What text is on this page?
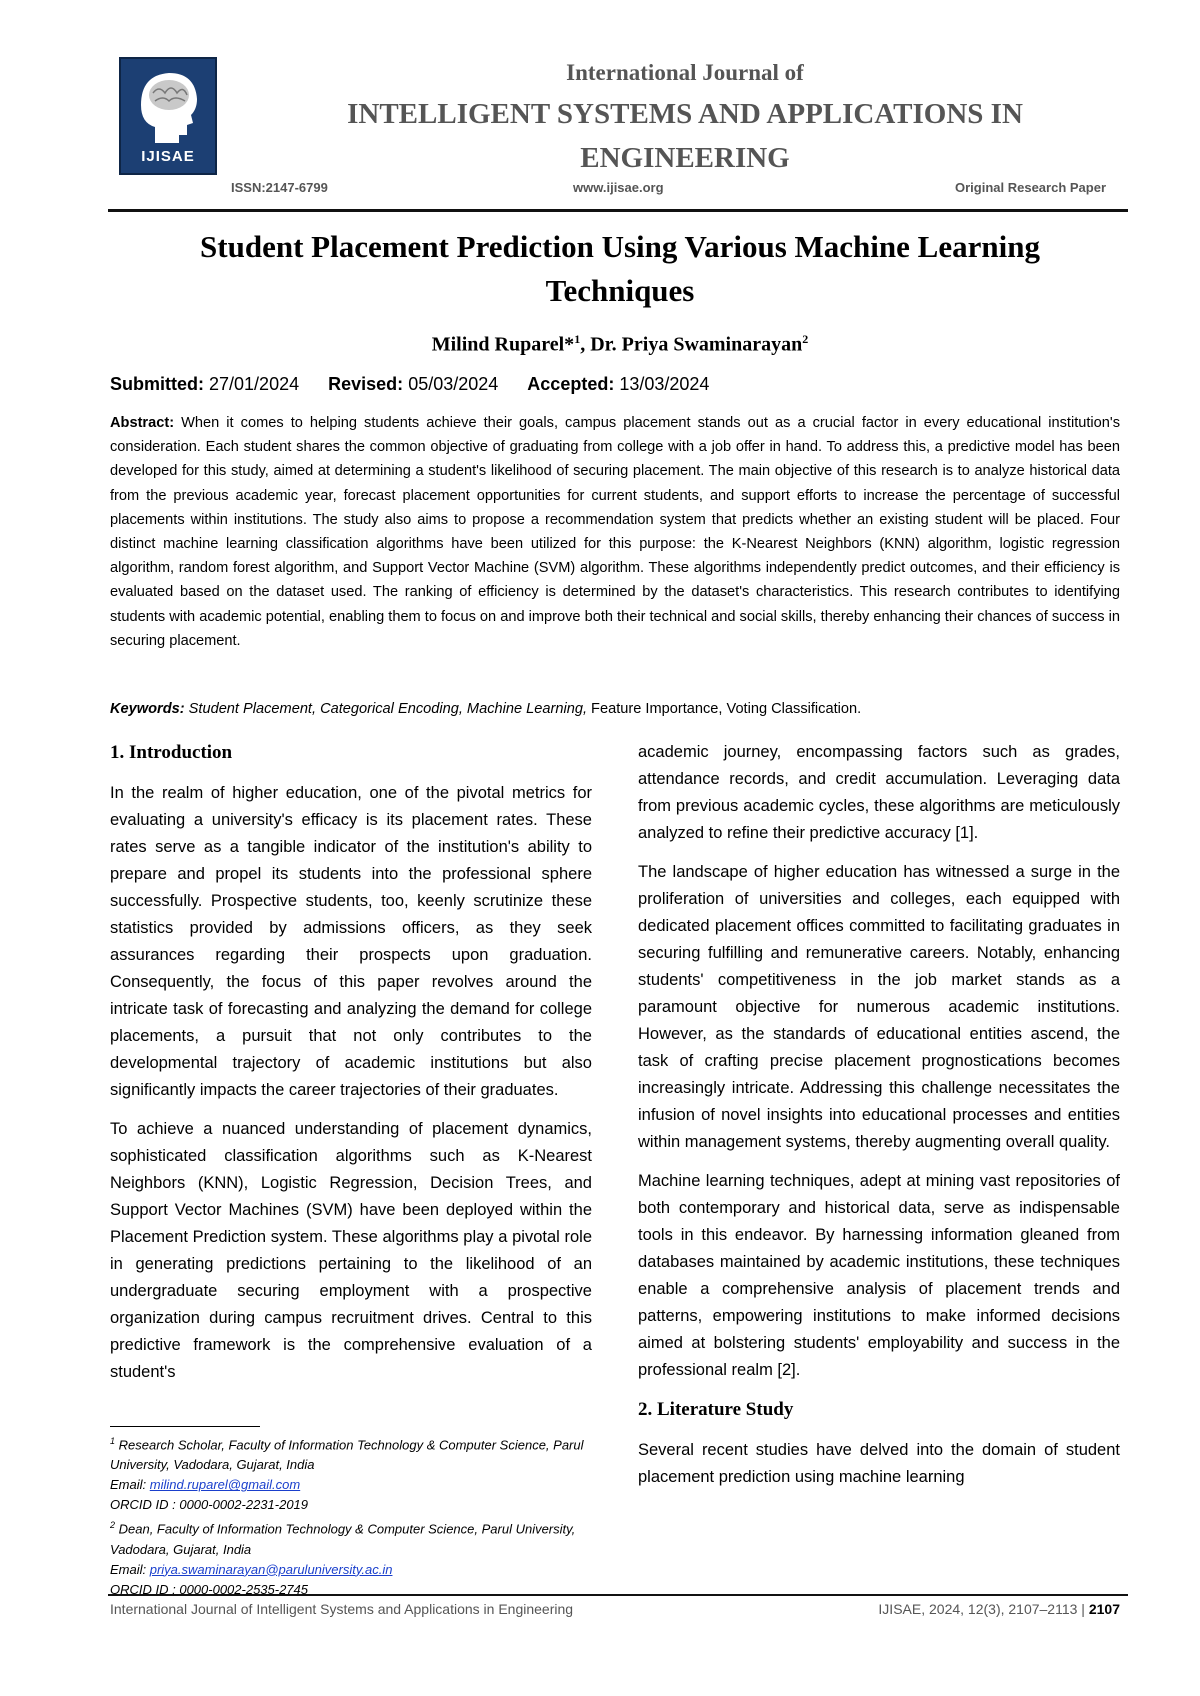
IJISAE
International Journal of
INTELLIGENT SYSTEMS AND APPLICATIONS IN
ENGINEERING
ISSN:2147-6799	www.ijisae.org	Original Research Paper
Student Placement Prediction Using Various Machine Learning
Techniques
Milind Ruparel*$^1$, Dr. Priya Swaminarayan$^2$
Submitted: 27/01/2024 Revised: 05/03/2024 Accepted: 13/03/2024
Abstract: When it comes to helping students achieve their goals, campus placement stands out as a crucial factor in every educational institution's consideration. Each student shares the common objective of graduating from college with a job offer in hand. To address this, a predictive model has been developed for this study, aimed at determining a student's likelihood of securing placement. The main objective of this research is to analyze historical data from the previous academic year, forecast placement opportunities for current students, and support efforts to increase the percentage of successful placements within institutions. The study also aims to propose a recommendation system that predicts whether an existing student will be placed. Four distinct machine learning classification algorithms have been utilized for this purpose: the K-Nearest Neighbors (KNN) algorithm, logistic regression algorithm, random forest algorithm, and Support Vector Machine (SVM) algorithm. These algorithms independently predict outcomes, and their efficiency is evaluated based on the dataset used. The ranking of efficiency is determined by the dataset's characteristics. This research contributes to identifying students with academic potential, enabling them to focus on and improve both their technical and social skills, thereby enhancing their chances of success in securing placement.
Keywords: Student Placement, Categorical Encoding, Machine Learning, Feature Importance, Voting Classification.
1. Introduction

In the realm of higher education, one of the pivotal metrics for evaluating a university's efficacy is its placement rates. These rates serve as a tangible indicator of the institution's ability to prepare and propel its students into the professional sphere successfully. Prospective students, too, keenly scrutinize these statistics provided by admissions officers, as they seek assurances regarding their prospects upon graduation. Consequently, the focus of this paper revolves around the intricate task of forecasting and analyzing the demand for college placements, a pursuit that not only contributes to the developmental trajectory of academic institutions but also significantly impacts the career trajectories of their graduates.

To achieve a nuanced understanding of placement dynamics, sophisticated classification algorithms such as K-Nearest Neighbors (KNN), Logistic Regression, Decision Trees, and Support Vector Machines (SVM) have been deployed within the Placement Prediction system. These algorithms play a pivotal role in generating predictions pertaining to the likelihood of an undergraduate securing employment with a prospective organization during campus recruitment drives. Central to this predictive framework is the comprehensive evaluation of a student's

academic journey, encompassing factors such as grades, attendance records, and credit accumulation. Leveraging data from previous academic cycles, these algorithms are meticulously analyzed to refine their predictive accuracy [1].

The landscape of higher education has witnessed a surge in the proliferation of universities and colleges, each equipped with dedicated placement offices committed to facilitating graduates in securing fulfilling and remunerative careers. Notably, enhancing students' competitiveness in the job market stands as a paramount objective for numerous academic institutions. However, as the standards of educational entities ascend, the task of crafting precise placement prognostications becomes increasingly intricate. Addressing this challenge necessitates the infusion of novel insights into educational processes and entities within management systems, thereby augmenting overall quality.

Machine learning techniques, adept at mining vast repositories of both contemporary and historical data, serve as indispensable tools in this endeavor. By harnessing information gleaned from databases maintained by academic institutions, these techniques enable a comprehensive analysis of placement trends and patterns, empowering institutions to make informed decisions aimed at bolstering students' employability and success in the professional realm [2].

2. Literature Study

Several recent studies have delved into the domain of student placement prediction using machine learning

$^1$ Research Scholar, Faculty of Information Technology & Computer Science, Parul University, Vadodara, Gujarat, India
Email: milind.ruparel@gmail.com
ORCID ID : 0000-0002-2231-2019
$^2$ Dean, Faculty of Information Technology & Computer Science, Parul University, Vadodara, Gujarat, India
Email: priya.swaminarayan@paruluniversity.ac.in
ORCID ID : 0000-0002-2535-2745
International Journal of Intelligent Systems and Applications in Engineering	IJISAE, 2024, 12(3), 2107–2113 | 2107
